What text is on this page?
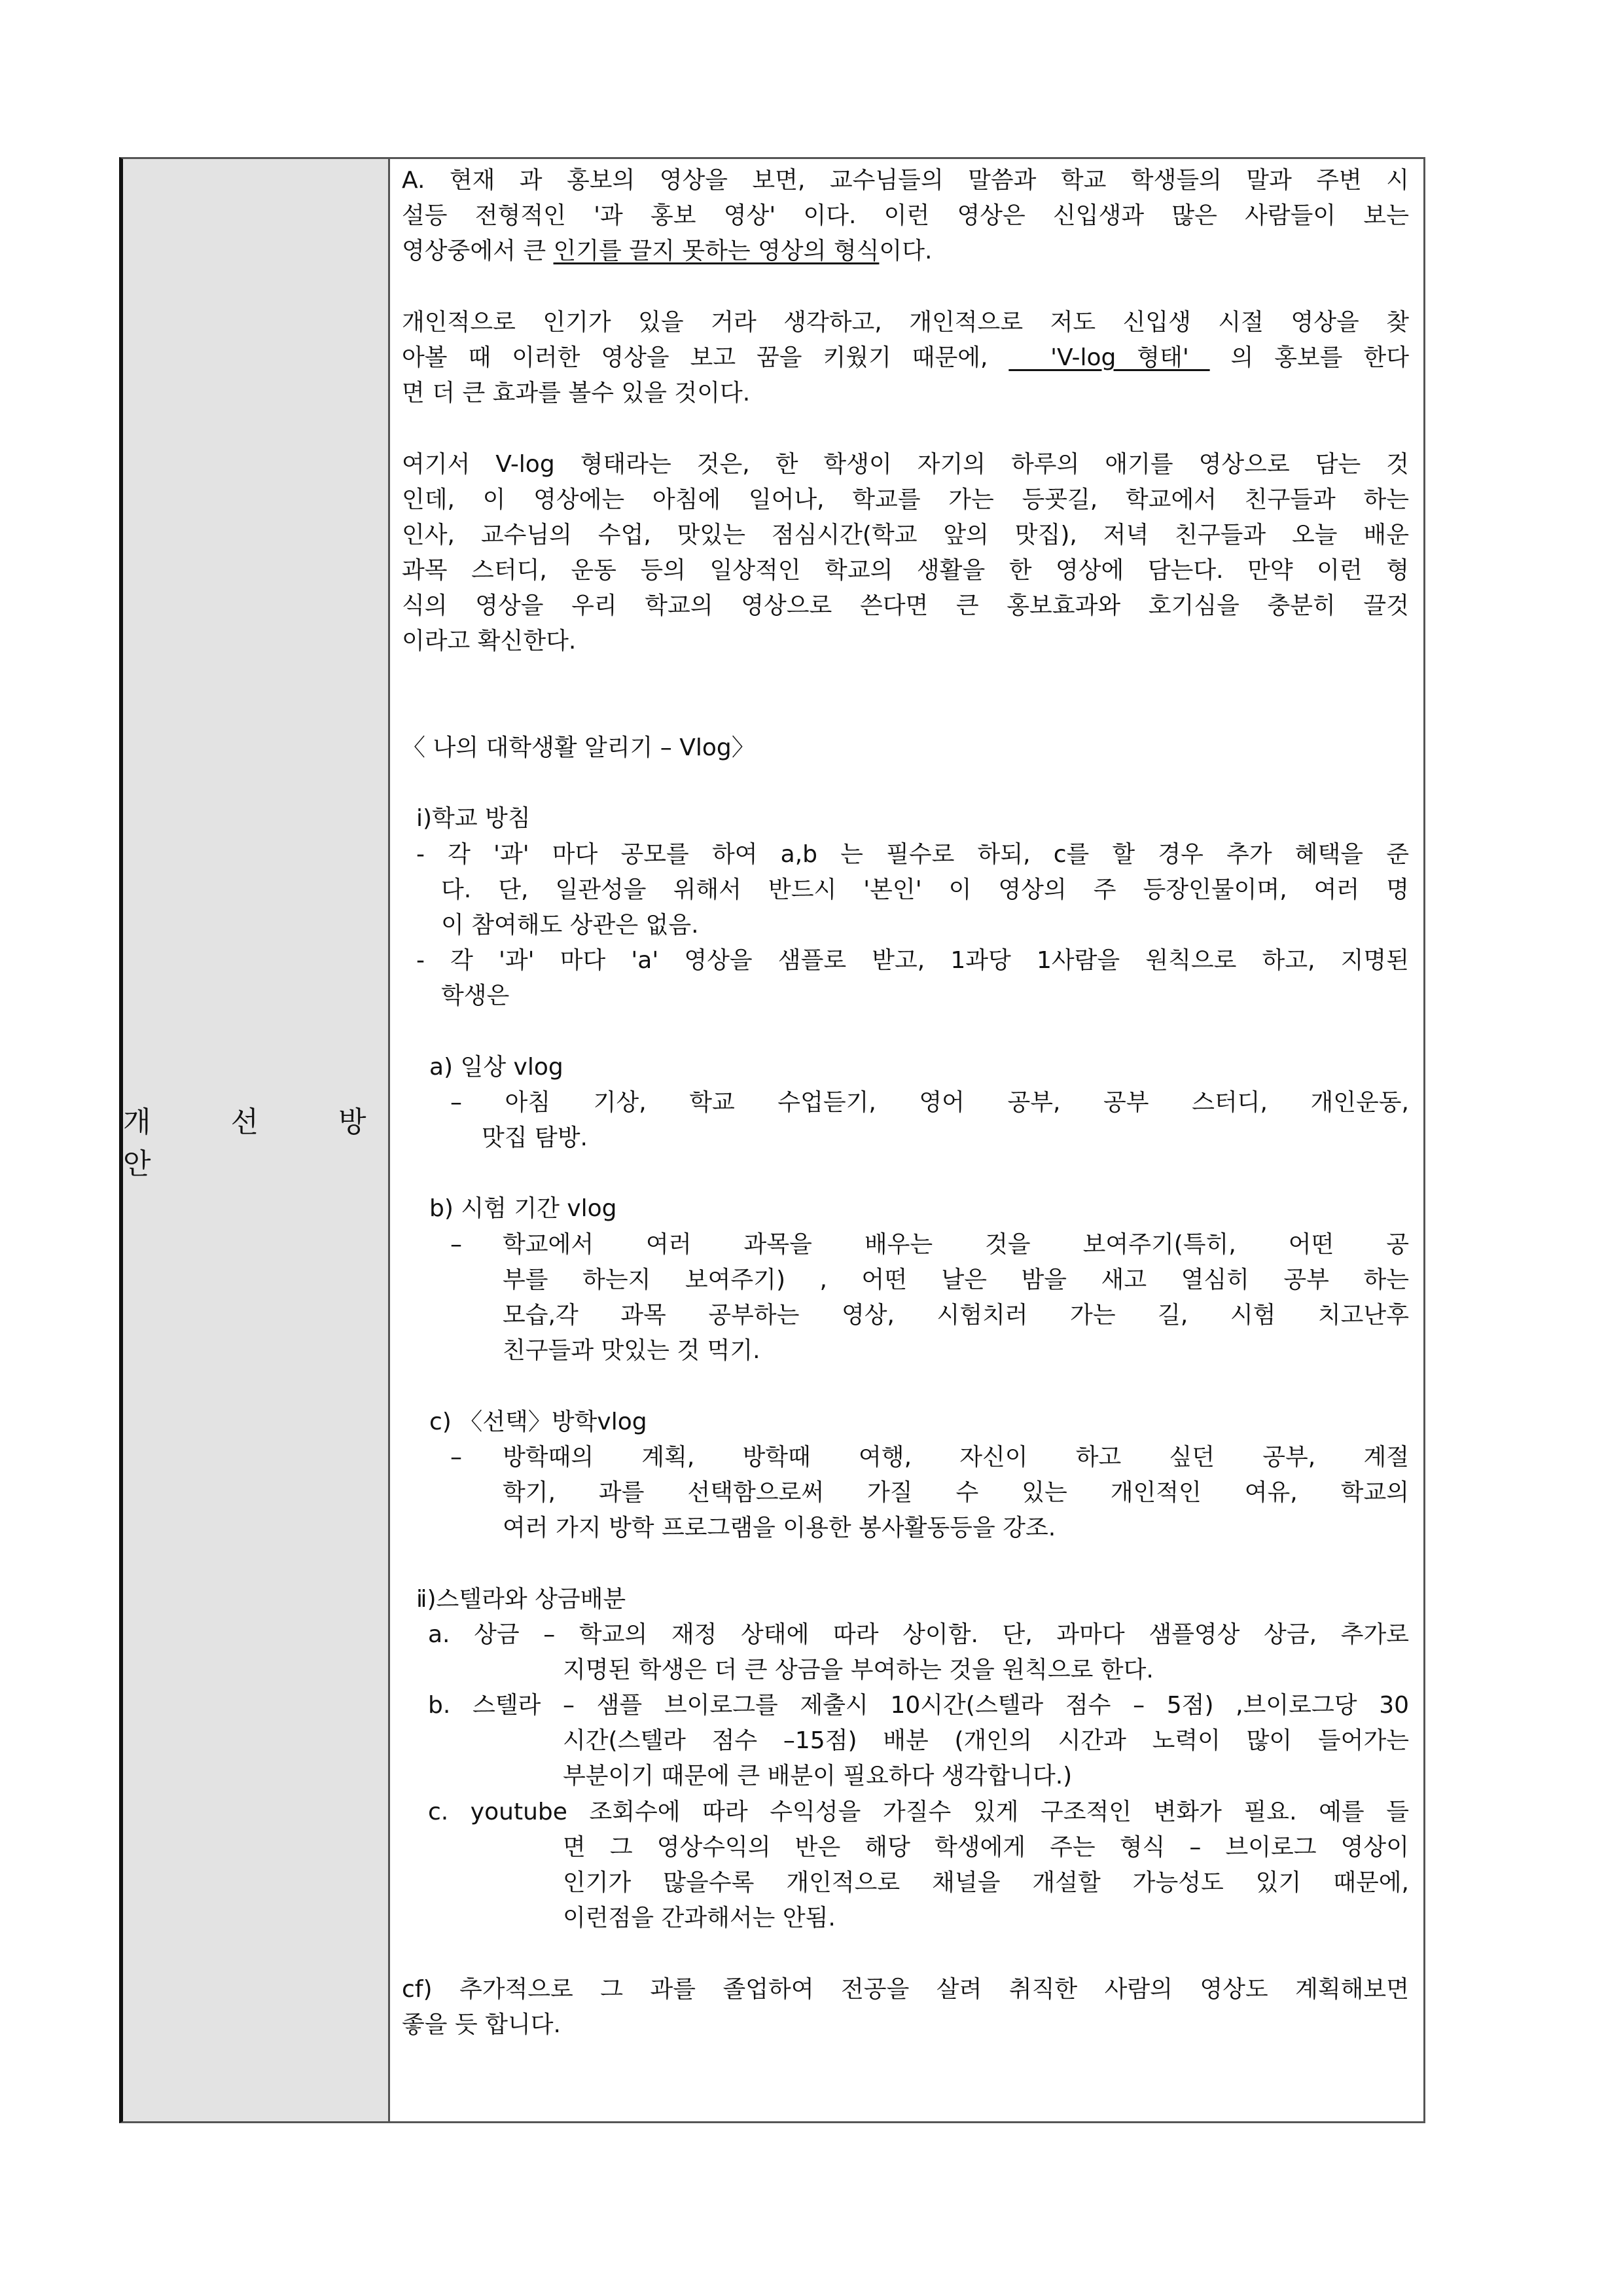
개 선 방 안
A. 현재 과 홍보의 영상을 보면, 교수님들의 말씀과 학교 학생들의 말과 주변 시
설등 전형적인 '과 홍보 영상' 이다. 이런 영상은 신입생과 많은 사람들이 보는
영상중에서 큰 인기를 끌지 못하는 영상의 형식이다.
개인적으로 인기가 있을 거라 생각하고, 개인적으로 저도 신입생 시절 영상을 찾
아볼 때 이러한 영상을 보고 꿈을 키웠기 때문에,   'V-log 형태'  의 홍보를 한다
면 더 큰 효과를 볼수 있을 것이다.
여기서 V-log 형태라는 것은, 한 학생이 자기의 하루의 애기를 영상으로 담는 것
인데, 이 영상에는 아침에 일어나, 학교를 가는 등굣길, 학교에서 친구들과 하는
인사, 교수님의 수업, 맛있는 점심시간(학교 앞의 맛집), 저녁 친구들과 오늘 배운
과목 스터디, 운동 등의 일상적인 학교의 생활을 한 영상에 담는다. 만약 이런 형
식의 영상을 우리 학교의 영상으로 쓴다면 큰 홍보효과와 호기심을 충분히 끌것
이라고 확신한다.
〈 나의 대학생활 알리기 – Vlog〉
ⅰ)학교 방침
- 각 '과' 마다 공모를 하여 a,b 는 필수로 하되, c를 할 경우 추가 혜택을 준
다. 단, 일관성을 위해서 반드시 '본인' 이 영상의 주 등장인물이며, 여러 명
이 참여해도 상관은 없음.
- 각 '과' 마다 'a' 영상을 샘플로 받고, 1과당 1사람을 원칙으로 하고, 지명된
학생은
a) 일상 vlog
– 아침 기상, 학교 수업듣기, 영어 공부, 공부 스터디, 개인운동,
맛집 탐방.
b) 시험 기간 vlog
– 학교에서 여러 과목을 배우는 것을 보여주기(특히, 어떤 공
부를 하는지 보여주기) , 어떤 날은 밤을 새고 열심히 공부 하는
모습,각 과목 공부하는 영상, 시험치러 가는 길, 시험 치고난후
친구들과 맛있는 것 먹기.
c) 〈선택〉방학vlog
– 방학때의 계획, 방학때 여행, 자신이 하고 싶던 공부, 계절
학기, 과를 선택함으로써 가질 수 있는 개인적인 여유, 학교의
여러 가지 방학 프로그램을 이용한 봉사활동등을 강조.
ⅱ)스텔라와 상금배분
a. 상금 – 학교의 재정 상태에 따라 상이함. 단, 과마다 샘플영상 상금, 추가로
지명된 학생은 더 큰 상금을 부여하는 것을 원칙으로 한다.
b. 스텔라 – 샘플 브이로그를 제출시 10시간(스텔라 점수 – 5점) ,브이로그당 30
시간(스텔라 점수 –15점) 배분 (개인의 시간과 노력이 많이 들어가는
부분이기 때문에 큰 배분이 필요하다 생각합니다.)
c. youtube 조회수에 따라 수익성을 가질수 있게 구조적인 변화가 필요. 예를 들
면 그 영상수익의 반은 해당 학생에게 주는 형식 – 브이로그 영상이
인기가 많을수록 개인적으로 채널을 개설할 가능성도 있기 때문에,
이런점을 간과해서는 안됨.
cf) 추가적으로 그 과를 졸업하여 전공을 살려 취직한 사람의 영상도 계획해보면
좋을 듯 합니다.
